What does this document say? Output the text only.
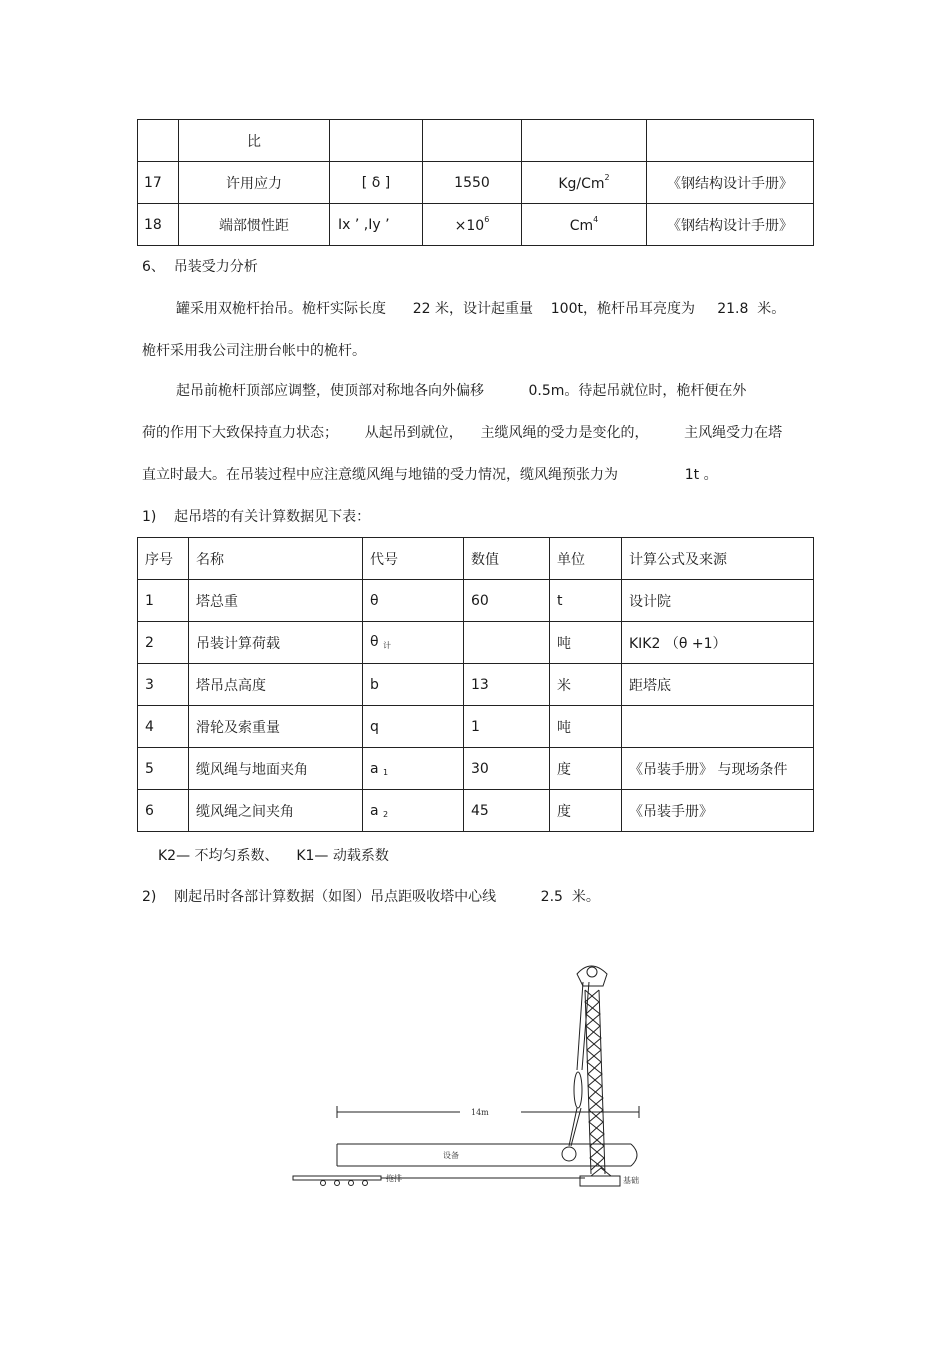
	比				
17	许用应力	[ δ ]	1550	Kg/Cm$^2$	《钢结构设计手册》
18	端部惯性距	Ix ’ ,Iy ’	$\times 10^6$	Cm$^4$	《钢结构设计手册》
6、  吊装受力分析
罐采用双桅杆抬吊。桅杆实际长度      22 米，设计起重量    100t，桅杆吊耳亮度为     21.8  米。
桅杆采用我公司注册台帐中的桅杆。
起吊前桅杆顶部应调整，使顶部对称地各向外偏移          0.5m。待起吊就位时，桅杆便在外
荷的作用下大致保持直力状态；      从起吊到就位，    主缆风绳的受力是变化的，        主风绳受力在塔
直立时最大。在吊装过程中应注意缆风绳与地锚的受力情况，缆风绳预张力为               1t 。
1)    起吊塔的有关计算数据见下表：
序号	名称	代号	数值	单位	计算公式及来源
1	塔总重	θ	60	t	设计院
2	吊装计算荷载	θ $_计$		吨	KIK2 （θ +1）
3	塔吊点高度	b	13	米	距塔底
4	滑轮及索重量	q	1	吨	
5	缆风绳与地面夹角	a $_1$	30	度	《吊装手册》 与现场条件
6	缆风绳之间夹角	a $_2$	45	度	《吊装手册》
K2— 不均匀系数、    K1— 动载系数
2)    刚起吊时各部计算数据（如图）吊点距吸收塔中心线          2.5  米。
14m
设备
拖排	基础
